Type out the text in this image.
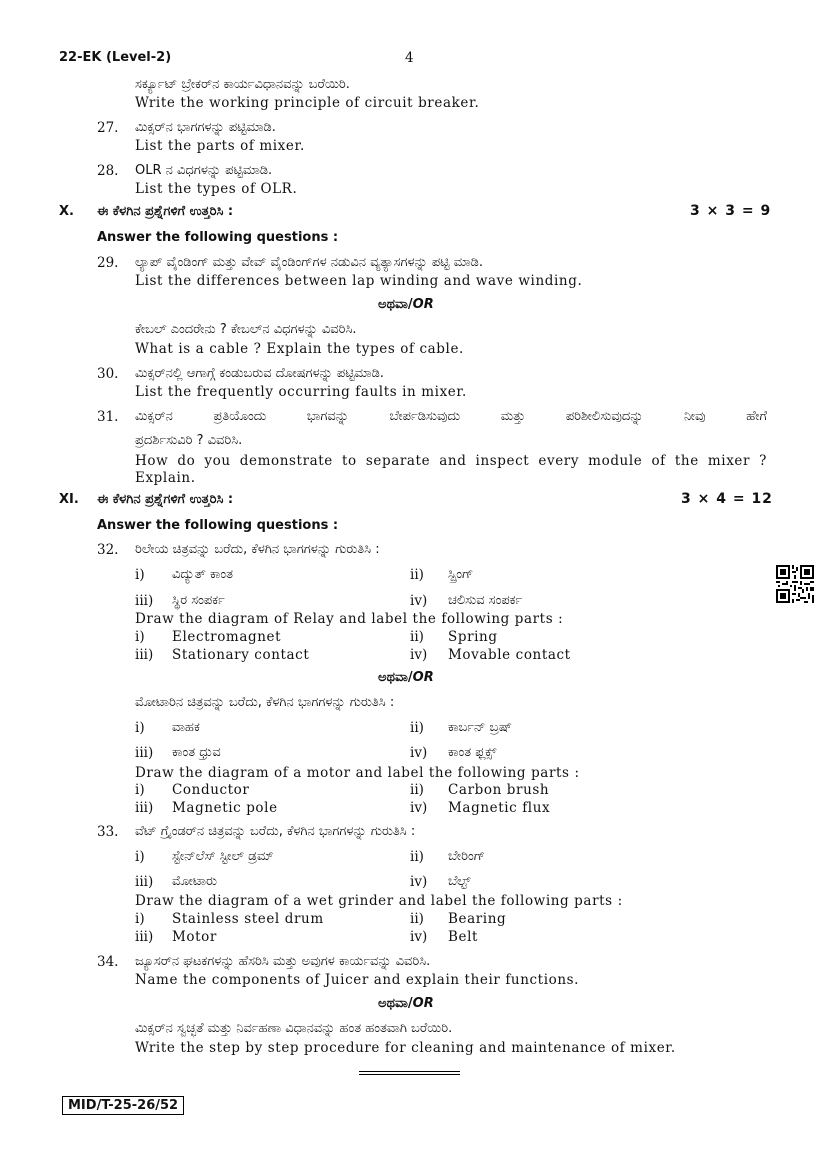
22-EK (Level-2)	4
ಸರ್ಕ್ಯೂಟ್ ಬ್ರೇಕರ್‌ನ ಕಾರ್ಯವಿಧಾನವನ್ನು ಬರೆಯಿರಿ.
Write the working principle of circuit breaker.
27. ಮಿಕ್ಸರ್‌ನ ಭಾಗಗಳನ್ನು ಪಟ್ಟಿಮಾಡಿ.
List the parts of mixer.
28. OLR ನ ವಿಧಗಳನ್ನು ಪಟ್ಟಿಮಾಡಿ.
List the types of OLR.
X. ಈ ಕೆಳಗಿನ ಪ್ರಶ್ನೆಗಳಿಗೆ ಉತ್ತರಿಸಿ :	3 × 3 = 9
Answer the following questions :
29. ಲ್ಯಾಪ್ ವೈಂಡಿಂಗ್ ಮತ್ತು ವೇವ್ ವೈಂಡಿಂಗ್‌ಗಳ ನಡುವಿನ ವ್ಯತ್ಯಾಸಗಳನ್ನು ಪಟ್ಟಿ ಮಾಡಿ.
List the differences between lap winding and wave winding.
ಅಥವಾ/OR
ಕೇಬಲ್ ಎಂದರೇನು ? ಕೇಬಲ್‌ನ ವಿಧಗಳನ್ನು ವಿವರಿಸಿ.
What is a cable ? Explain the types of cable.
30. ಮಿಕ್ಸರ್‌ನಲ್ಲಿ ಆಗಾಗ್ಗೆ ಕಂಡುಬರುವ ದೋಷಗಳನ್ನು ಪಟ್ಟಿಮಾಡಿ.
List the frequently occurring faults in mixer.
31. ಮಿಕ್ಸರ್‌ನ ಪ್ರತಿಯೊಂದು ಭಾಗವನ್ನು ಬೇರ್ಪಡಿಸುವುದು ಮತ್ತು ಪರಿಶೀಲಿಸುವುದನ್ನು ನೀವು ಹೇಗೆ
ಪ್ರದರ್ಶಿಸುವಿರಿ ? ವಿವರಿಸಿ.
How do you demonstrate to separate and inspect every module of the mixer ?
Explain.
XI. ಈ ಕೆಳಗಿನ ಪ್ರಶ್ನೆಗಳಿಗೆ ಉತ್ತರಿಸಿ :	3 × 4 = 12
Answer the following questions :
32. ರಿಲೇಯ ಚಿತ್ರವನ್ನು ಬರೆದು, ಕೆಳಗಿನ ಭಾಗಗಳನ್ನು ಗುರುತಿಸಿ :
i) ವಿದ್ಯುತ್ ಕಾಂತ	ii) ಸ್ಪ್ರಿಂಗ್
iii) ಸ್ಥಿರ ಸಂಪರ್ಕ	iv) ಚಲಿಸುವ ಸಂಪರ್ಕ
Draw the diagram of Relay and label the following parts :
i) Electromagnet	ii) Spring
iii) Stationary contact	iv) Movable contact
ಅಥವಾ/OR
ಮೋಟಾರಿನ ಚಿತ್ರವನ್ನು ಬರೆದು, ಕೆಳಗಿನ ಭಾಗಗಳನ್ನು ಗುರುತಿಸಿ :
i) ವಾಹಕ	ii) ಕಾರ್ಬನ್ ಬ್ರಷ್
iii) ಕಾಂತ ಧ್ರುವ	iv) ಕಾಂತ ಫ್ಲಕ್ಸ್
Draw the diagram of a motor and label the following parts :
i) Conductor	ii) Carbon brush
iii) Magnetic pole	iv) Magnetic flux
33. ವೆಟ್ ಗ್ರೈಂಡರ್‌ನ ಚಿತ್ರವನ್ನು ಬರೆದು, ಕೆಳಗಿನ ಭಾಗಗಳನ್ನು ಗುರುತಿಸಿ :
i) ಸ್ಟೇನ್‌ಲೆಸ್ ಸ್ಟೀಲ್ ಡ್ರಮ್	ii) ಬೇರಿಂಗ್
iii) ಮೋಟಾರು	iv) ಬೆಲ್ಟ್
Draw the diagram of a wet grinder and label the following parts :
i) Stainless steel drum	ii) Bearing
iii) Motor	iv) Belt
34. ಜ್ಯೂಸರ್‌ನ ಘಟಕಗಳನ್ನು ಹೆಸರಿಸಿ ಮತ್ತು ಅವುಗಳ ಕಾರ್ಯವನ್ನು ವಿವರಿಸಿ.
Name the components of Juicer and explain their functions.
ಅಥವಾ/OR
ಮಿಕ್ಸರ್‌ನ ಸ್ವಚ್ಛತೆ ಮತ್ತು ನಿರ್ವಹಣಾ ವಿಧಾನವನ್ನು ಹಂತ ಹಂತವಾಗಿ ಬರೆಯಿರಿ.
Write the step by step procedure for cleaning and maintenance of mixer.
MID/T-25-26/52
